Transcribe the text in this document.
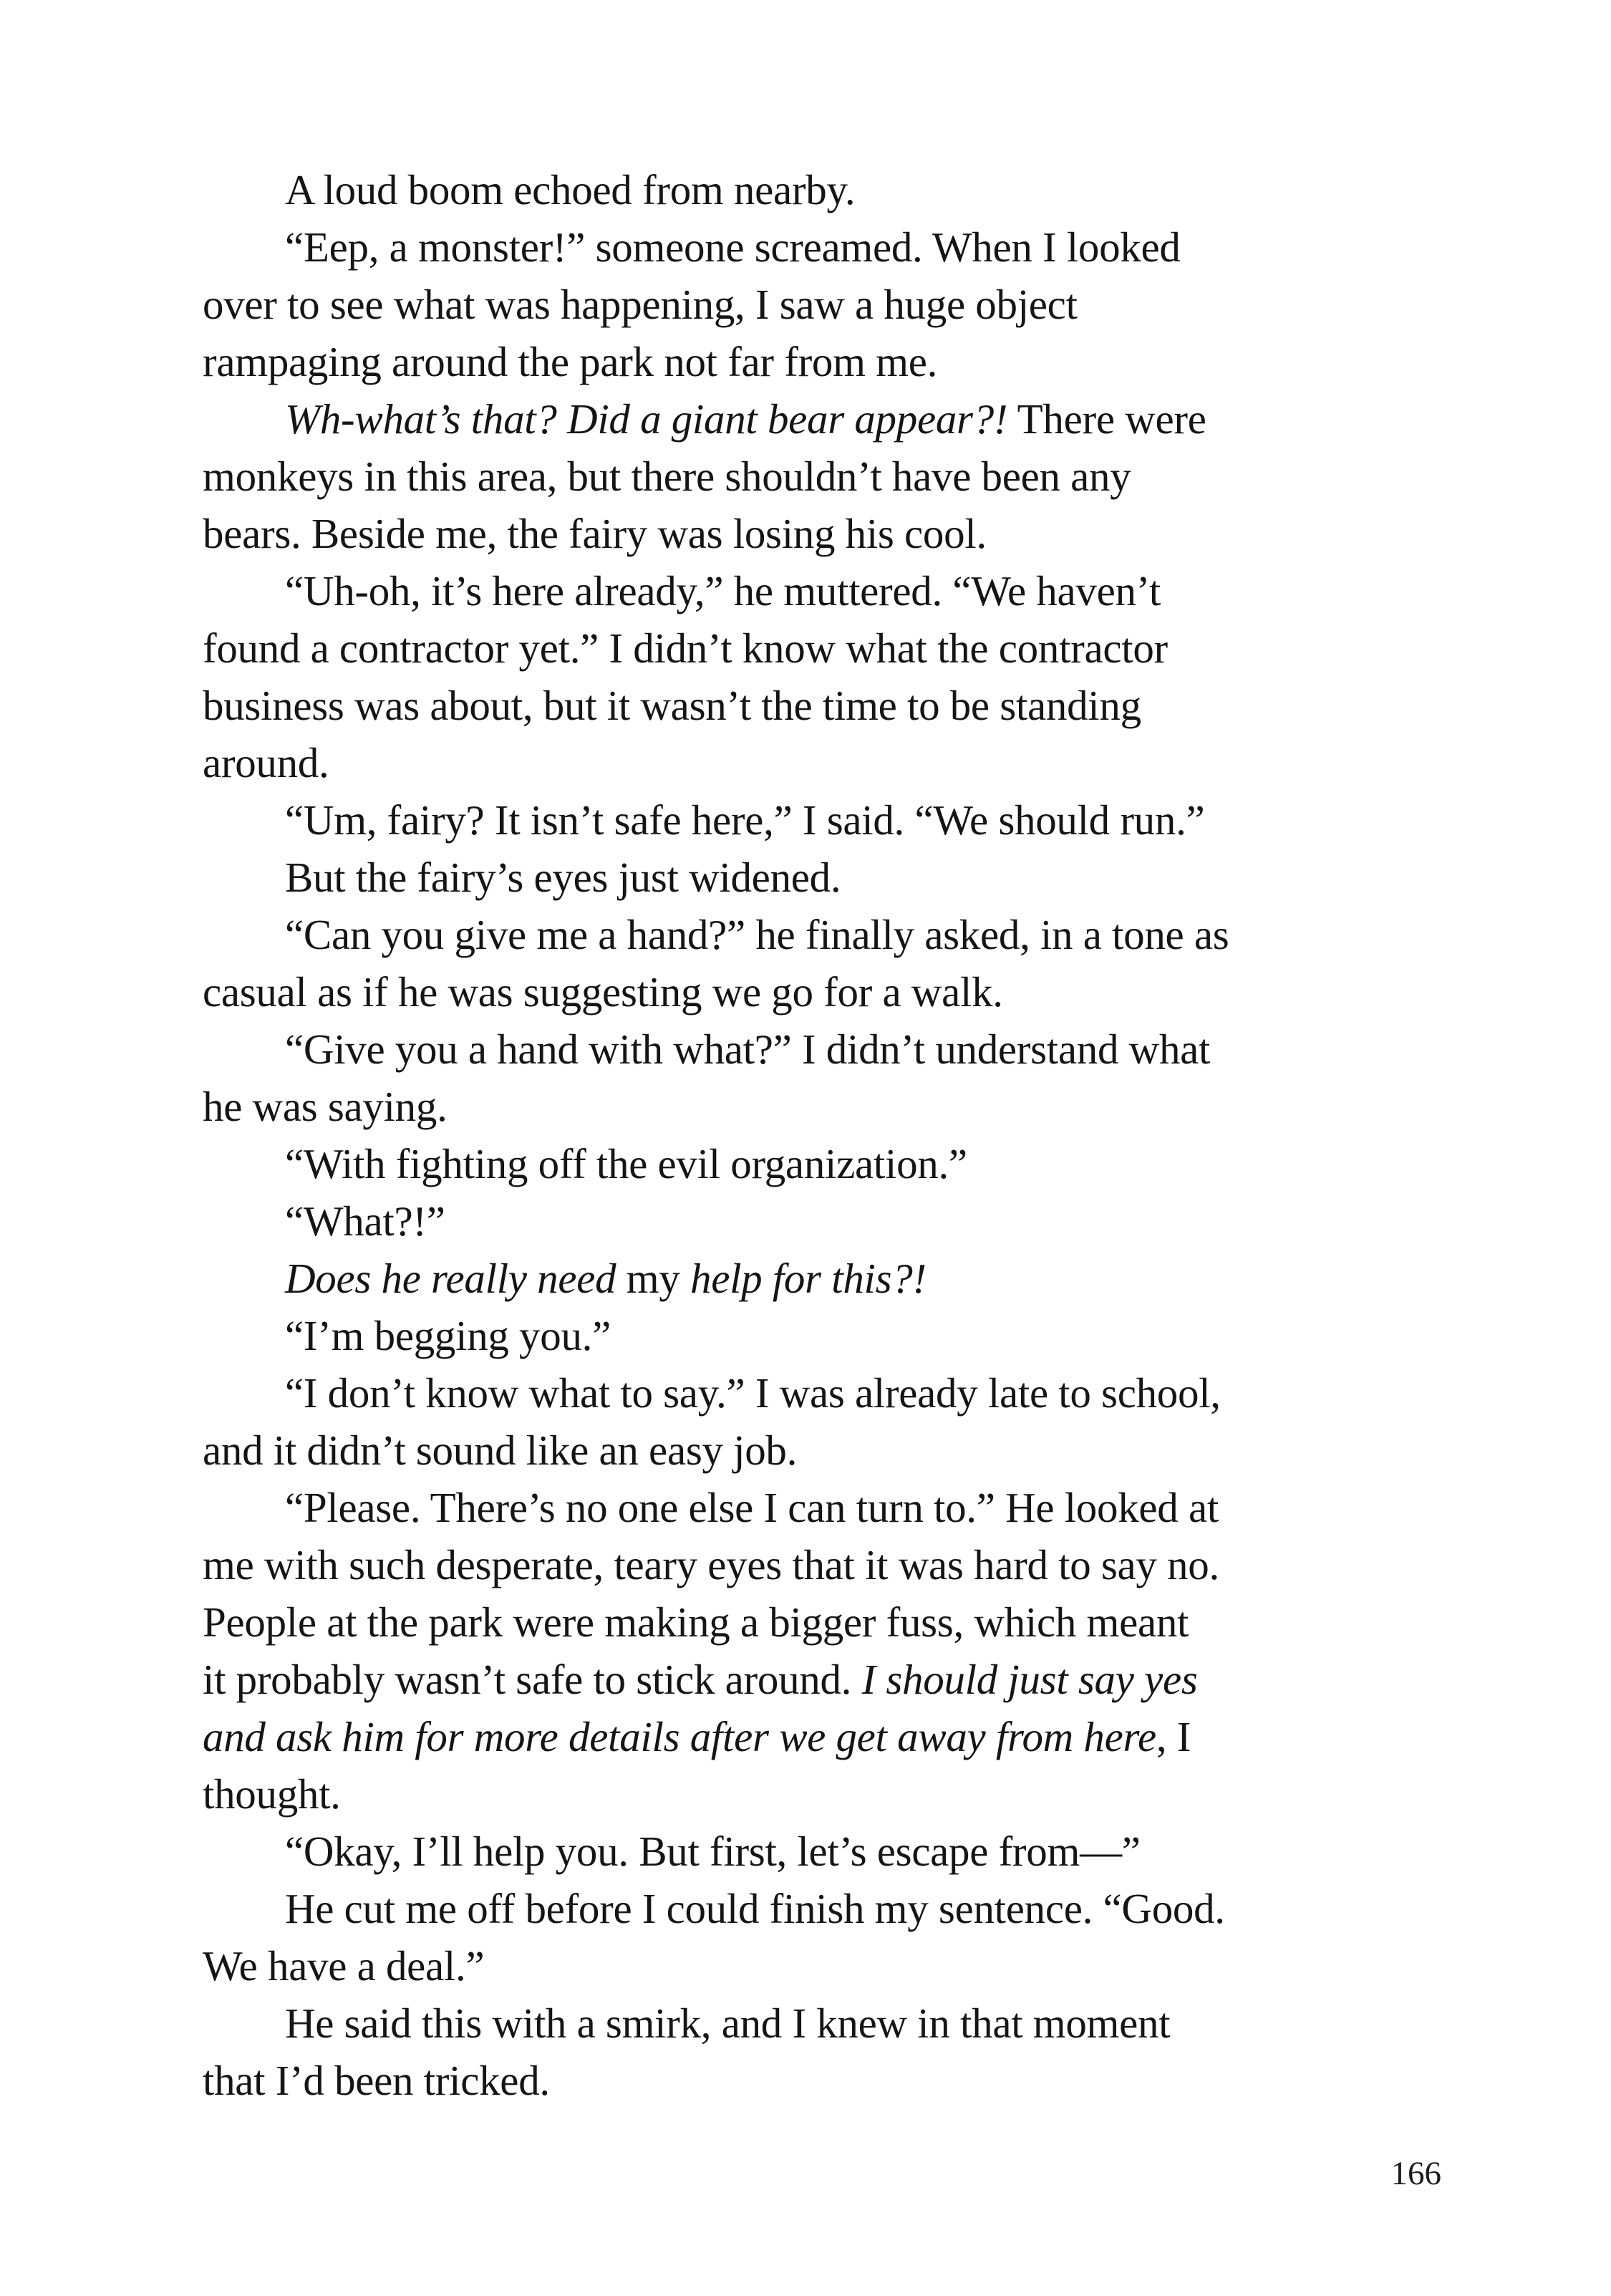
A loud boom echoed from nearby.
“Eep, a monster!” someone screamed. When I looked
over to see what was happening, I saw a huge object
rampaging around the park not far from me.
Wh-what’s that? Did a giant bear appear?! There were
monkeys in this area, but there shouldn’t have been any
bears. Beside me, the fairy was losing his cool.
“Uh-oh, it’s here already,” he muttered. “We haven’t
found a contractor yet.” I didn’t know what the contractor
business was about, but it wasn’t the time to be standing
around.
“Um, fairy? It isn’t safe here,” I said. “We should run.”
But the fairy’s eyes just widened.
“Can you give me a hand?” he finally asked, in a tone as
casual as if he was suggesting we go for a walk.
“Give you a hand with what?” I didn’t understand what
he was saying.
“With fighting off the evil organization.”
“What?!”
Does he really need my help for this?!
“I’m begging you.”
“I don’t know what to say.” I was already late to school,
and it didn’t sound like an easy job.
“Please. There’s no one else I can turn to.” He looked at
me with such desperate, teary eyes that it was hard to say no.
People at the park were making a bigger fuss, which meant
it probably wasn’t safe to stick around. I should just say yes
and ask him for more details after we get away from here, I
thought.
“Okay, I’ll help you. But first, let’s escape from—”
He cut me off before I could finish my sentence. “Good.
We have a deal.”
He said this with a smirk, and I knew in that moment
that I’d been tricked.
166
